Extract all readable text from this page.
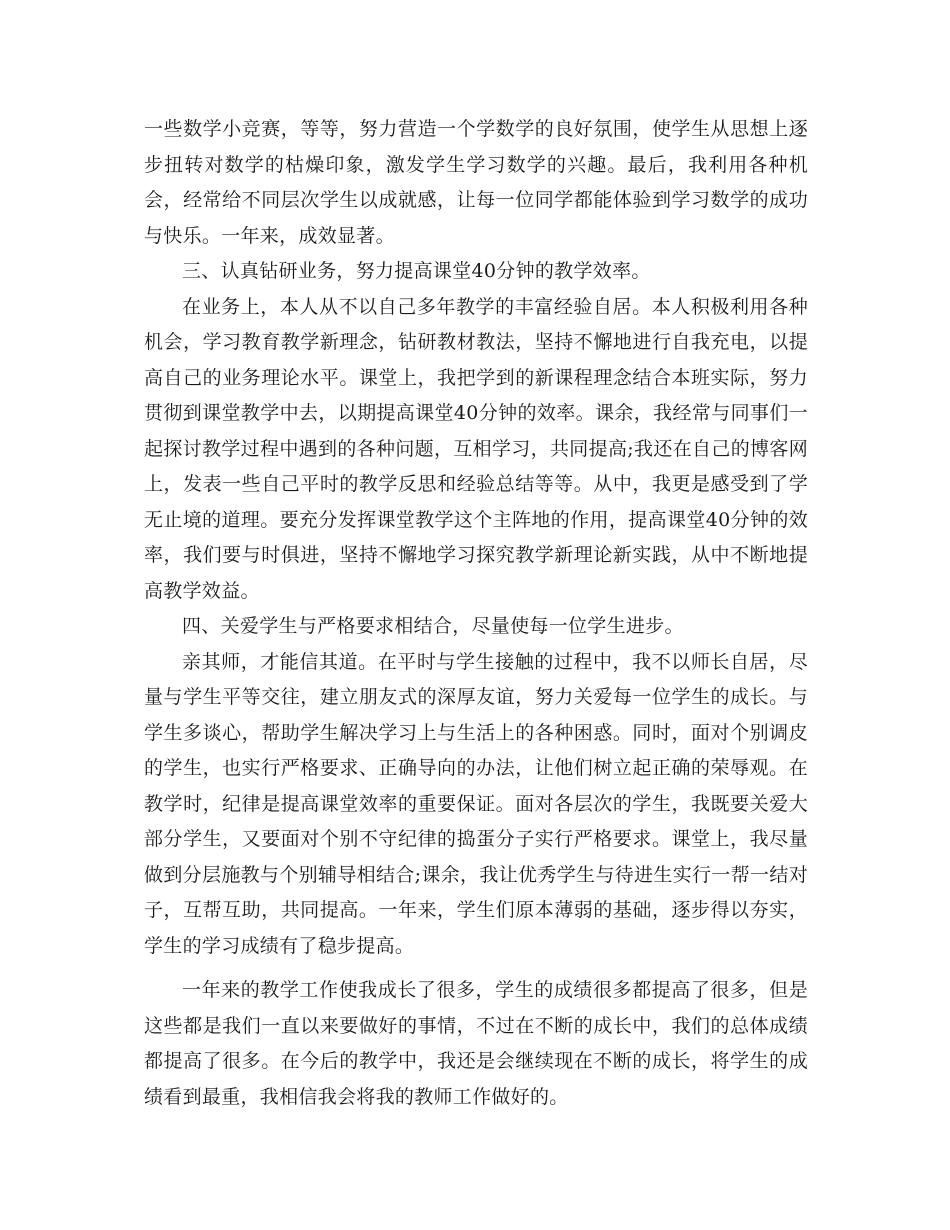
一些数学小竞赛，等等，努力营造一个学数学的良好氛围，使学生从思想上逐步扭转对数学的枯燥印象，激发学生学习数学的兴趣。最后，我利用各种机会，经常给不同层次学生以成就感，让每一位同学都能体验到学习数学的成功与快乐。一年来，成效显著。

三、认真钻研业务，努力提高课堂40分钟的教学效率。

在业务上，本人从不以自己多年教学的丰富经验自居。本人积极利用各种机会，学习教育教学新理念，钻研教材教法，坚持不懈地进行自我充电，以提高自己的业务理论水平。课堂上，我把学到的新课程理念结合本班实际，努力贯彻到课堂教学中去，以期提高课堂40分钟的效率。课余，我经常与同事们一起探讨教学过程中遇到的各种问题，互相学习，共同提高;我还在自己的博客网上，发表一些自己平时的教学反思和经验总结等等。从中，我更是感受到了学无止境的道理。要充分发挥课堂教学这个主阵地的作用，提高课堂40分钟的效率，我们要与时俱进，坚持不懈地学习探究教学新理论新实践，从中不断地提高教学效益。

四、关爱学生与严格要求相结合，尽量使每一位学生进步。

亲其师，才能信其道。在平时与学生接触的过程中，我不以师长自居，尽量与学生平等交往，建立朋友式的深厚友谊，努力关爱每一位学生的成长。与学生多谈心，帮助学生解决学习上与生活上的各种困惑。同时，面对个别调皮的学生，也实行严格要求、正确导向的办法，让他们树立起正确的荣辱观。在教学时，纪律是提高课堂效率的重要保证。面对各层次的学生，我既要关爱大部分学生，又要面对个别不守纪律的捣蛋分子实行严格要求。课堂上，我尽量做到分层施教与个别辅导相结合;课余，我让优秀学生与待进生实行一帮一结对子，互帮互助，共同提高。一年来，学生们原本薄弱的基础，逐步得以夯实，学生的学习成绩有了稳步提高。

一年来的教学工作使我成长了很多，学生的成绩很多都提高了很多，但是这些都是我们一直以来要做好的事情，不过在不断的成长中，我们的总体成绩都提高了很多。在今后的教学中，我还是会继续现在不断的成长，将学生的成绩看到最重，我相信我会将我的教师工作做好的。
